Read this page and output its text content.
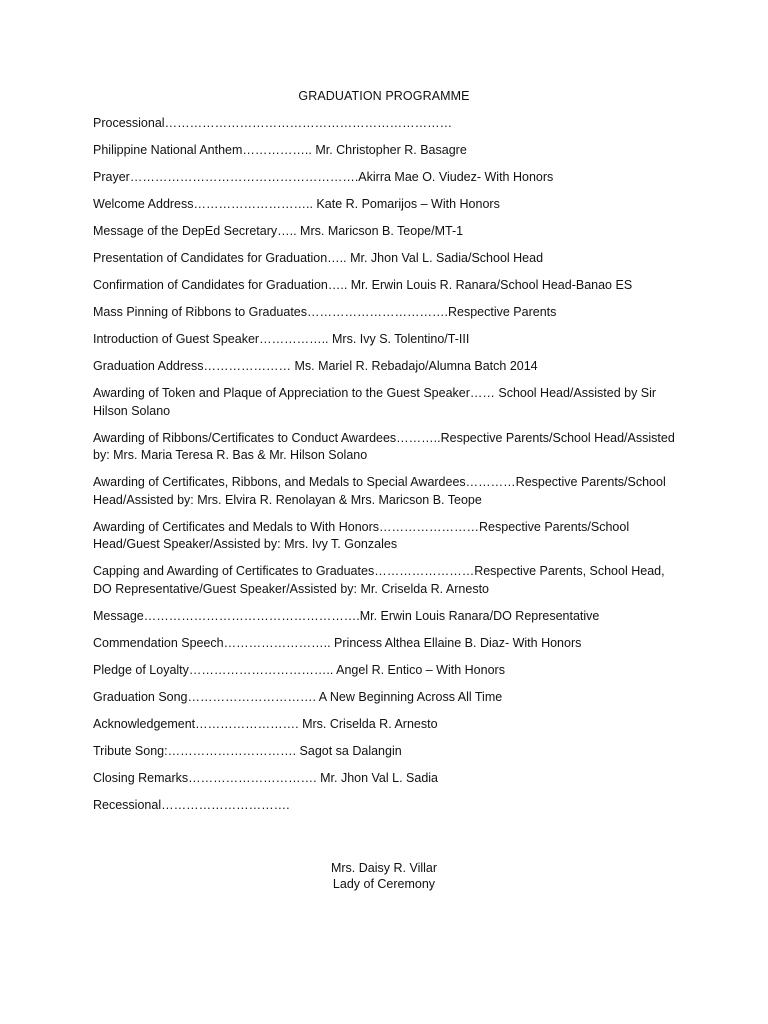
GRADUATION PROGRAMME

Processional……………………………………………………………

Philippine National Anthem…………….. Mr. Christopher R. Basagre

Prayer……………………………………………….Akirra Mae O. Viudez- With Honors

Welcome Address……………………….. Kate R. Pomarijos – With Honors

Message of the DepEd Secretary….. Mrs. Maricson B. Teope/MT-1

Presentation of Candidates for Graduation….. Mr. Jhon Val L. Sadia/School Head

Confirmation of Candidates for Graduation….. Mr. Erwin Louis R. Ranara/School Head-Banao ES

Mass Pinning of Ribbons to Graduates…………………………….Respective Parents

Introduction of Guest Speaker…………….. Mrs. Ivy S. Tolentino/T-III

Graduation Address………………… Ms. Mariel R. Rebadajo/Alumna Batch 2014

Awarding of Token and Plaque of Appreciation to the Guest Speaker…… School Head/Assisted by Sir Hilson Solano

Awarding of Ribbons/Certificates to Conduct Awardees………..Respective Parents/School Head/Assisted by: Mrs. Maria Teresa R. Bas & Mr. Hilson Solano

Awarding of Certificates, Ribbons, and Medals to Special Awardees…………Respective Parents/School Head/Assisted by: Mrs. Elvira R. Renolayan & Mrs. Maricson B. Teope

Awarding of Certificates and Medals to With Honors……………………Respective Parents/School Head/Guest Speaker/Assisted by: Mrs. Ivy T. Gonzales

Capping and Awarding of Certificates to Graduates……………………Respective Parents, School Head, DO Representative/Guest Speaker/Assisted by: Mr. Criselda R. Arnesto

Message…………………………………………….Mr. Erwin Louis Ranara/DO Representative

Commendation Speech…………………….. Princess Althea Ellaine B. Diaz- With Honors

Pledge of Loyalty…………………………….. Angel R. Entico – With Honors

Graduation Song…………………………. A New Beginning Across All Time

Acknowledgement……………………. Mrs. Criselda R. Arnesto

Tribute Song:…………………………. Sagot sa Dalangin

Closing Remarks…………………………. Mr. Jhon Val L. Sadia

Recessional………………………….

Mrs. Daisy R. Villar
Lady of Ceremony
